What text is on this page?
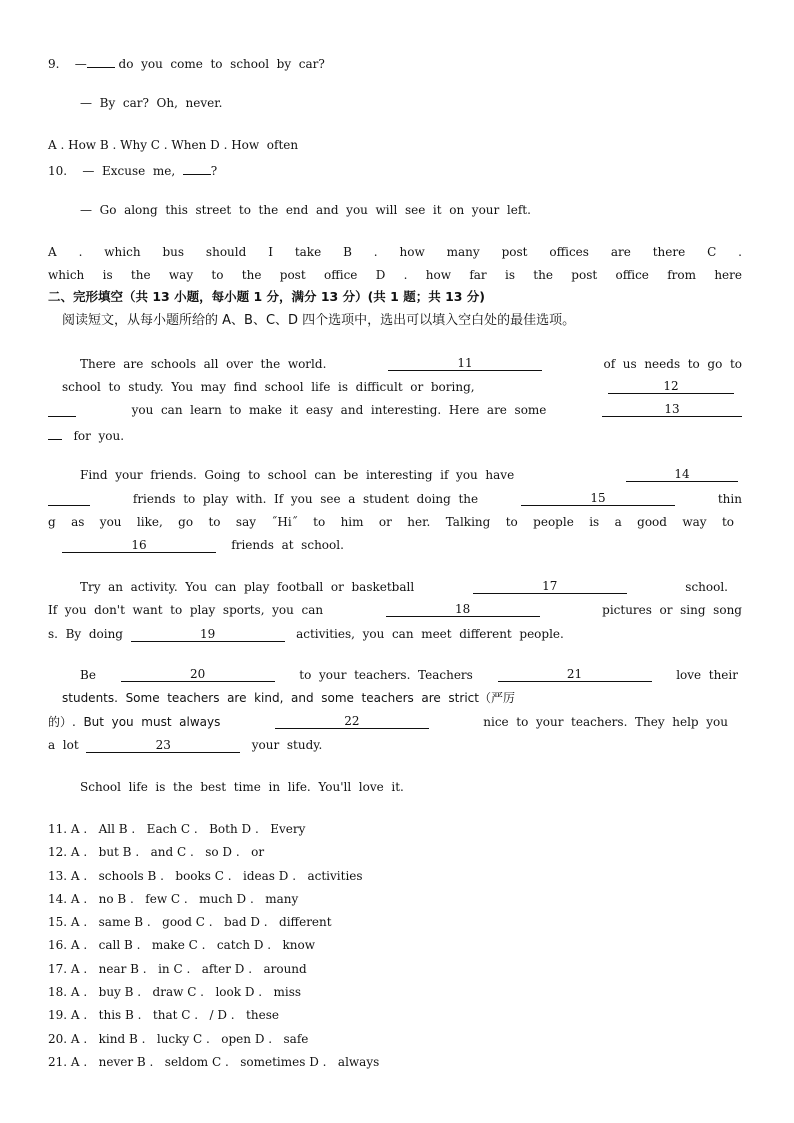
9.    — do  you  come  to  school  by  car?
—  By  car?  Oh,  never.
A . How B . Why C . When D . How  often
10.    —  Excuse  me,	?
—  Go  along  this  street  to  the  end  and  you  will  see  it  on  your  left.
A . which bus should I take B . how many post offices are there C .
which is the way to the post office D . how far is the post office from here
二、完形填空（共 13 小题，每小题 1 分，满分 13 分）(共 1 题；共 13 分)
阅读短文，从每小题所给的 A、B、C、D 四个选项中，选出可以填入空白处的最佳选项。
There  are  schools  all  over  the  world.	11	of  us  needs  to  go  to
school  to  study.  You  may  find  school  life  is  difficult  or  boring,	12
you  can  learn  to  make  it  easy  and  interesting.  Here  are  some	13
for  you.
Find  your  friends.  Going  to  school  can  be  interesting  if  you  have	14
friends  to  play  with.  If  you  see  a  student  doing  the	15	thin
g as you like, go to say ˝Hi˝ to him or her. Talking to people is a good way to
16	friends  at  school.
Try  an  activity.  You  can  play  football  or  basketball	17	school.
If  you  don't  want  to  play  sports,  you  can	18	pictures  or  sing  song
s.  By  doing	19	activities,  you  can  meet  different  people.
Be	20	to  your  teachers.  Teachers	21	love  their
students.  Some  teachers  are  kind,  and  some  teachers  are  strict（严厉
的）.  But  you  must  always	22	nice  to  your  teachers.  They  help  you
a  lot	23	your  study.
School  life  is  the  best  time  in  life.  You'll  love  it.
11. A .   All B .   Each C .   Both D .   Every
12. A .   but B .   and C .   so D .   or
13. A .   schools B .   books C .   ideas D .   activities
14. A .   no B .   few C .   much D .   many
15. A .   same B .   good C .   bad D .   different
16. A .   call B .   make C .   catch D .   know
17. A .   near B .   in C .   after D .   around
18. A .   buy B .   draw C .   look D .   miss
19. A .   this B .   that C .   / D .   these
20. A .   kind B .   lucky C .   open D .   safe
21. A .   never B .   seldom C .   sometimes D .   always
